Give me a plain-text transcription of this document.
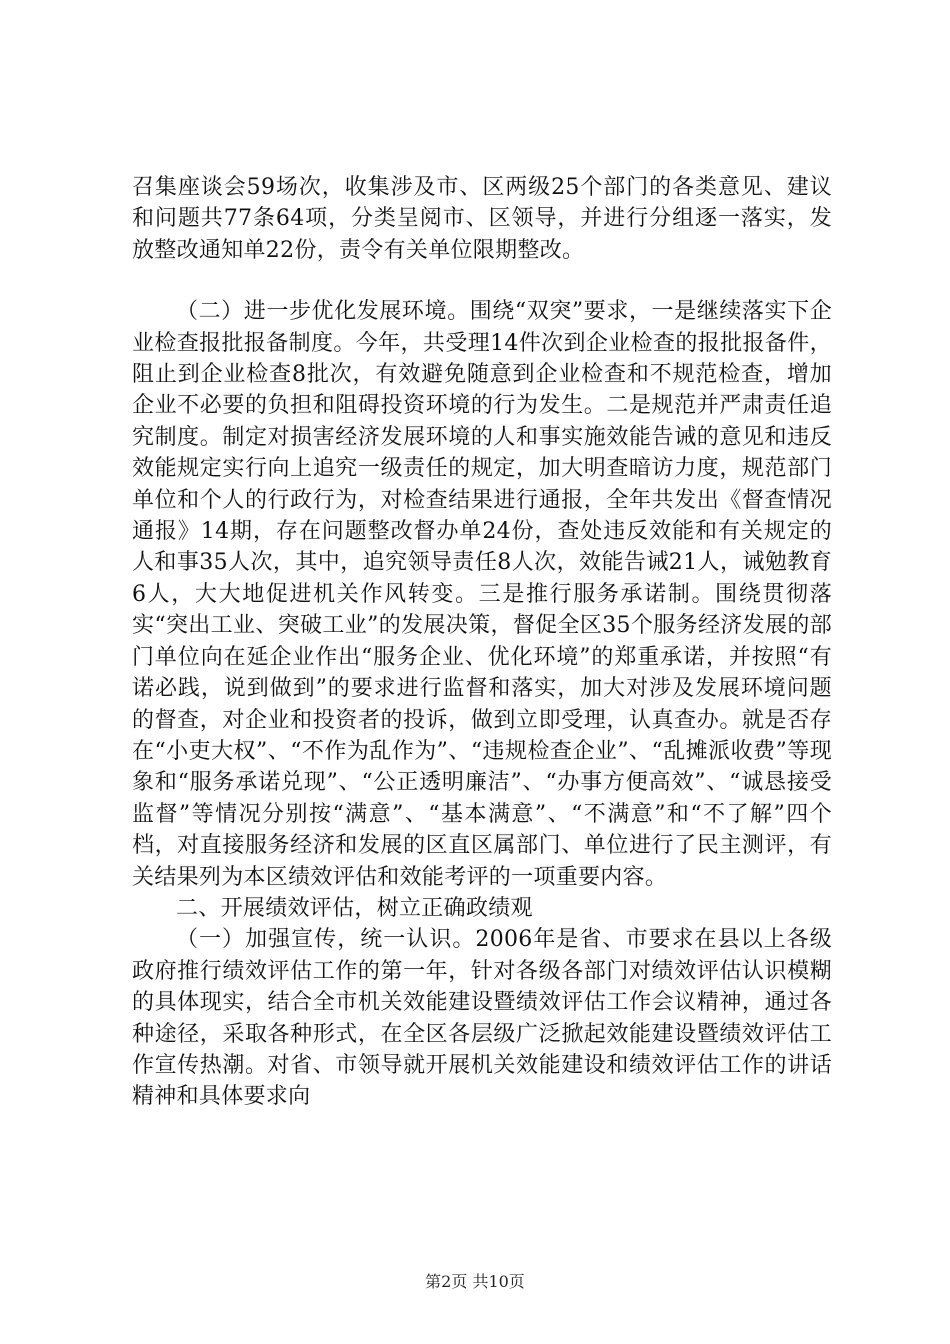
召集座谈会59场次，收集涉及市、区两级25个部门的各类意见、建议和问题共77条64项，分类呈阅市、区领导，并进行分组逐一落实，发放整改通知单22份，责令有关单位限期整改。

（二）进一步优化发展环境。围绕“双突”要求，一是继续落实下企业检查报批报备制度。今年，共受理14件次到企业检查的报批报备件，阻止到企业检查8批次，有效避免随意到企业检查和不规范检查，增加企业不必要的负担和阻碍投资环境的行为发生。二是规范并严肃责任追究制度。制定对损害经济发展环境的人和事实施效能告诫的意见和违反效能规定实行向上追究一级责任的规定，加大明查暗访力度，规范部门单位和个人的行政行为，对检查结果进行通报，全年共发出《督查情况通报》14期，存在问题整改督办单24份，查处违反效能和有关规定的人和事35人次，其中，追究领导责任8人次，效能告诫21人，诫勉教育6人，大大地促进机关作风转变。三是推行服务承诺制。围绕贯彻落实“突出工业、突破工业”的发展决策，督促全区35个服务经济发展的部门单位向在延企业作出“服务企业、优化环境”的郑重承诺，并按照“有诺必践，说到做到”的要求进行监督和落实，加大对涉及发展环境问题的督查，对企业和投资者的投诉，做到立即受理，认真查办。就是否存在“小吏大权”、“不作为乱作为”、“违规检查企业”、“乱摊派收费”等现象和“服务承诺兑现”、“公正透明廉洁”、“办事方便高效”、“诚恳接受监督”等情况分别按“满意”、“基本满意”、“不满意”和“不了解”四个档，对直接服务经济和发展的区直区属部门、单位进行了民主测评，有关结果列为本区绩效评估和效能考评的一项重要内容。

二、开展绩效评估，树立正确政绩观

（一）加强宣传，统一认识。2006年是省、市要求在县以上各级政府推行绩效评估工作的第一年，针对各级各部门对绩效评估认识模糊的具体现实，结合全市机关效能建设暨绩效评估工作会议精神，通过各种途径，采取各种形式，在全区各层级广泛掀起效能建设暨绩效评估工作宣传热潮。对省、市领导就开展机关效能建设和绩效评估工作的讲话精神和具体要求向

第2页 共10页
